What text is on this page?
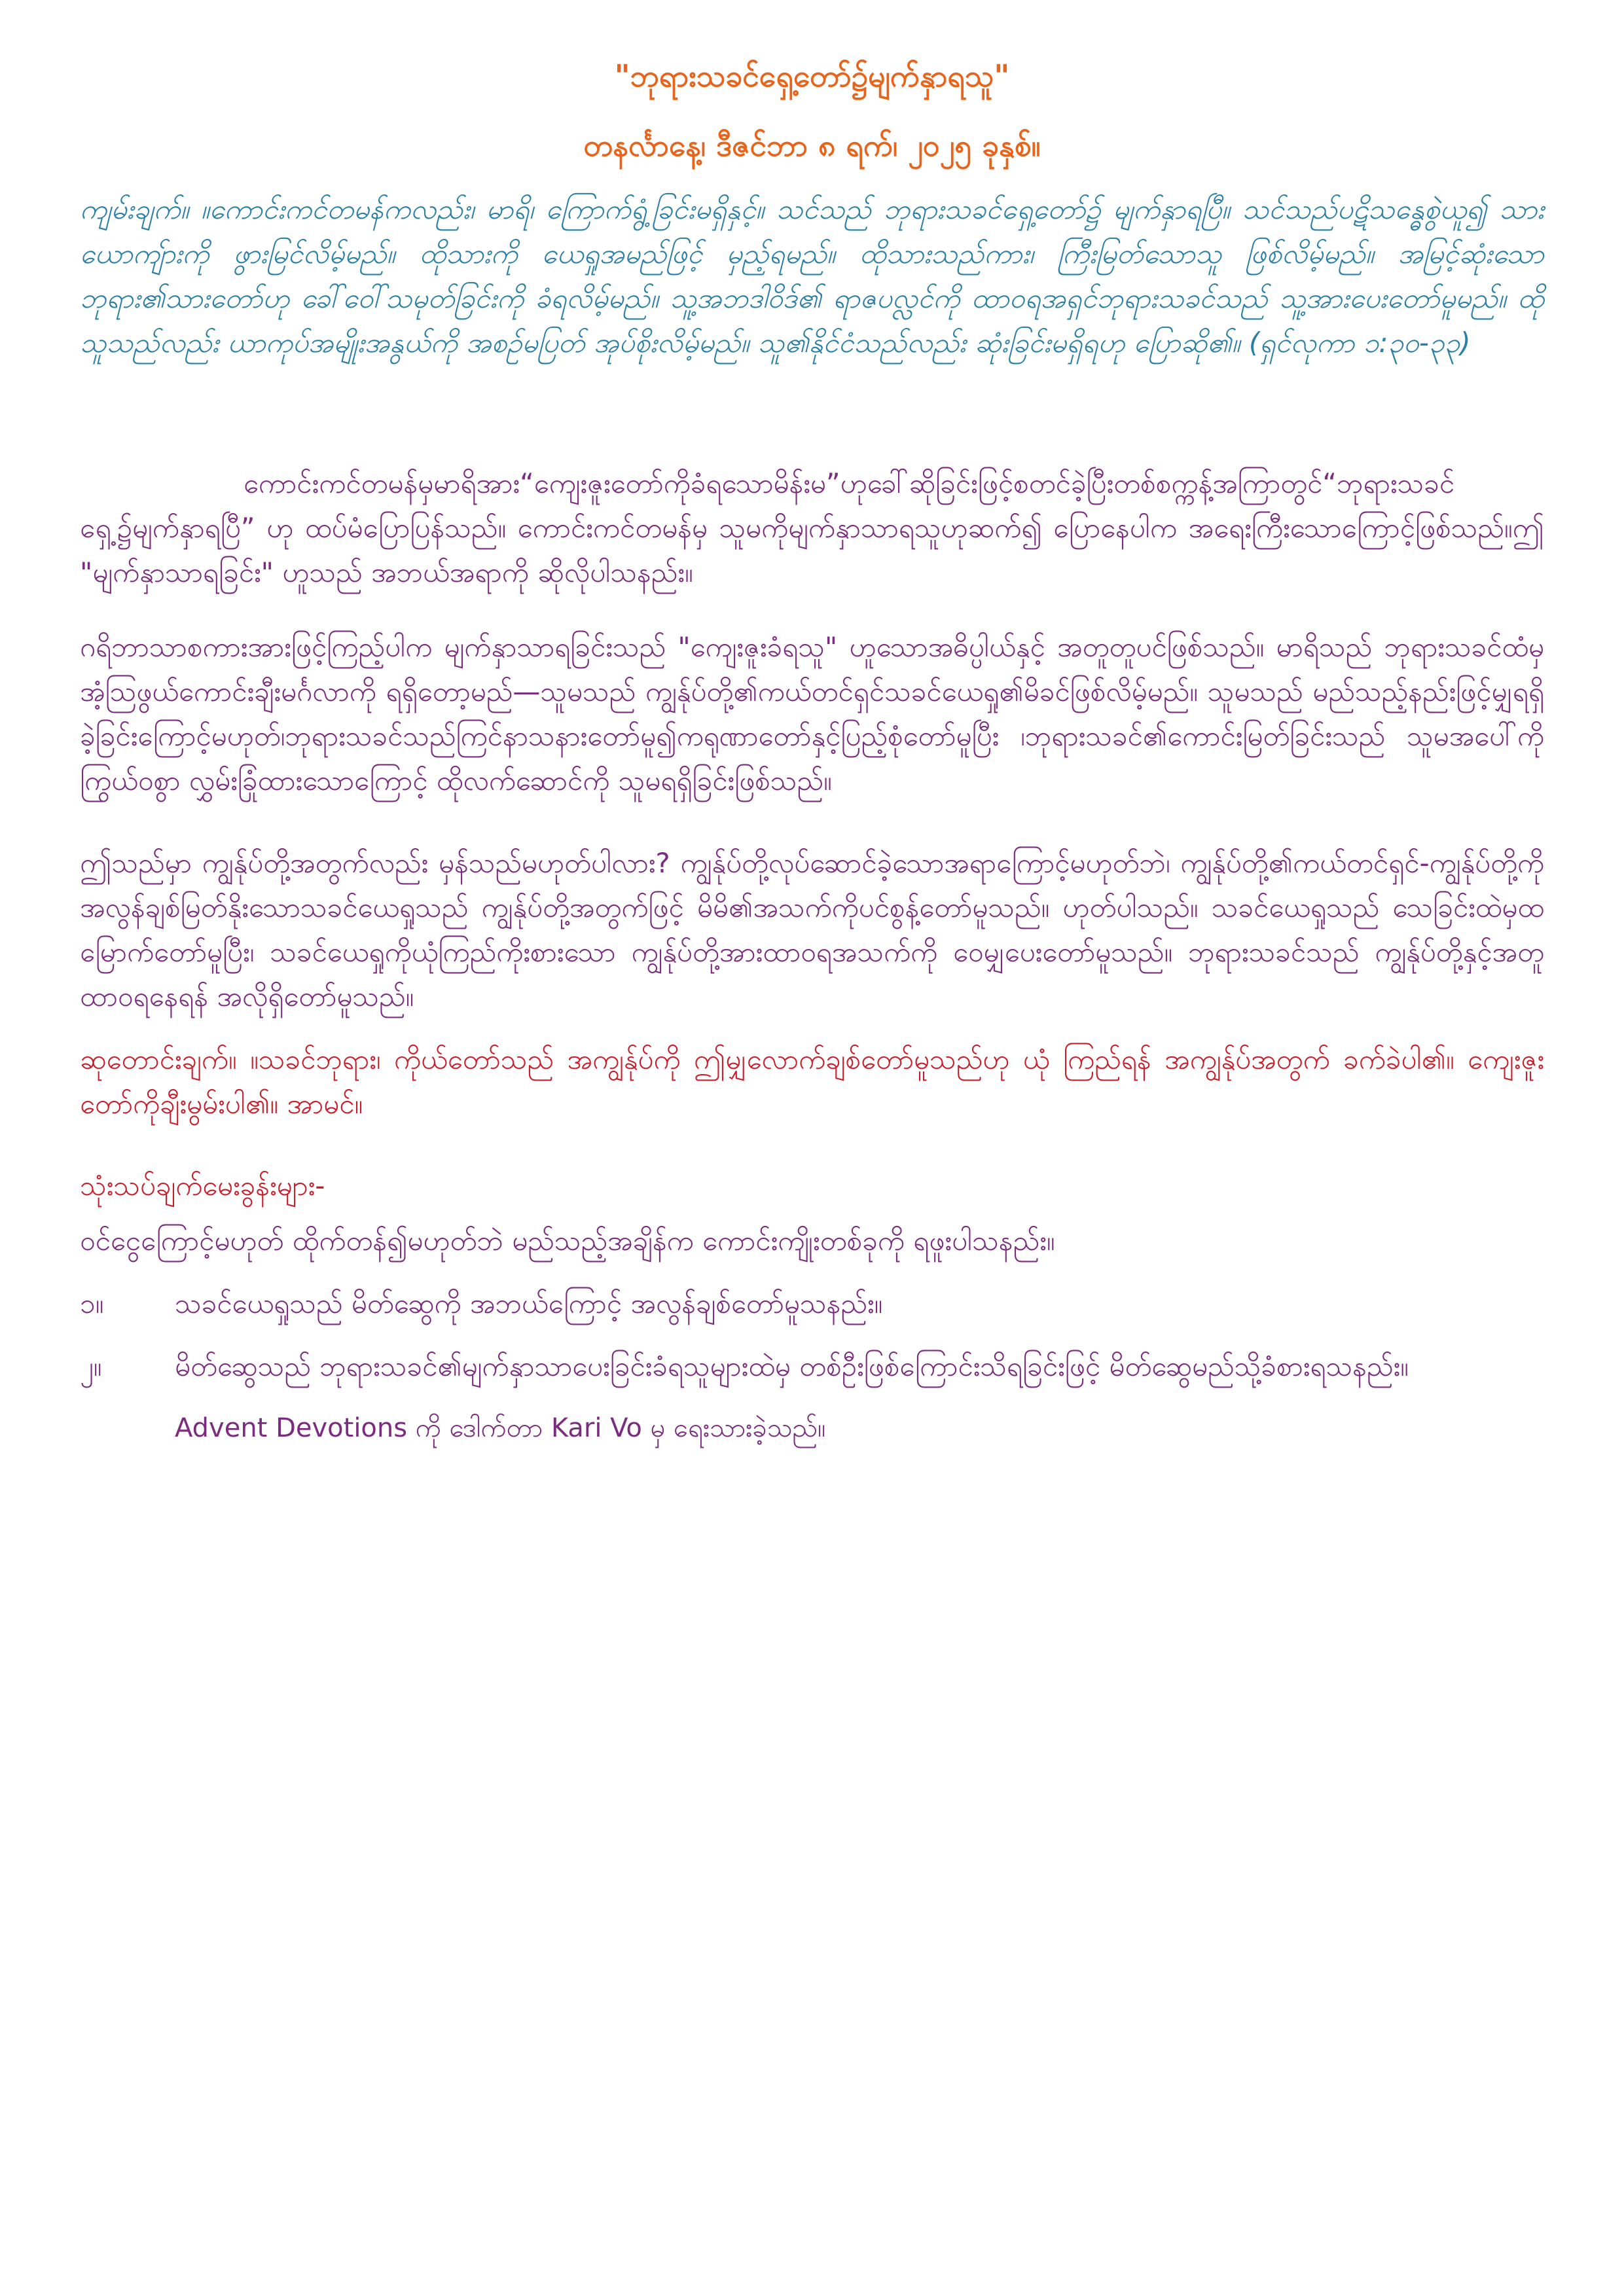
"ဘုရားသခင်ရှေ့တော်၌မျက်နှာရသူ"

တနင်္လာနေ့၊ ဒီဇင်ဘာ ၈ ရက်၊ ၂၀၂၅ ခုနှစ်။

ကျမ်းချက်။ ။ကောင်းကင်တမန်ကလည်း၊ မာရိ၊ ကြောက်ရွံ့ခြင်းမရှိနှင့်။ သင်သည် ဘုရားသခင်ရှေ့တော်၌ မျက်နှာရပြီ။ သင်သည်ပဋိသန္ဓေစွဲယူ၍ သားယောကျ်ားကို ဖွားမြင်လိမ့်မည်။ ထိုသားကို ယေရှုအမည်ဖြင့် မှည့်ရမည်။ ထိုသားသည်ကား၊ ကြီးမြတ်သောသူ ဖြစ်လိမ့်မည်။ အမြင့်ဆုံးသော ဘုရား၏သားတော်ဟု ခေါ်ဝေါ်သမုတ်ခြင်းကို ခံရလိမ့်မည်။ သူ့အဘဒါဝိဒ်၏ ရာဇပလ္လင်ကို ထာဝရအရှင်ဘုရားသခင်သည် သူ့အားပေးတော်မူမည်။ ထိုသူသည်လည်း ယာကုပ်အမျိုးအနွယ်ကို အစဉ်မပြတ် အုပ်စိုးလိမ့်မည်။ သူ၏နိုင်ငံသည်လည်း ဆုံးခြင်းမရှိရဟု ပြောဆို၏။ (ရှင်လုကာ ၁:၃၀-၃၃)

ကောင်းကင်တမန်မှမာရိအား“ကျေးဇူးတော်ကိုခံရသောမိန်းမ”ဟုခေါ်ဆိုခြင်းဖြင့်စတင်ခဲ့ပြီးတစ်စက္ကန့်အကြာတွင်“ဘုရားသခင်ရှေ့၌မျက်နှာရပြီ” ဟု ထပ်မံပြောပြန်သည်။ ကောင်းကင်တမန်မှ သူမကိုမျက်နှာသာရသူဟုဆက်၍ ပြောနေပါက အရေးကြီးသောကြောင့်ဖြစ်သည်။ဤ "မျက်နှာသာရခြင်း" ဟူသည် အဘယ်အရာကို ဆိုလိုပါသနည်း။

ဂရိဘာသာစကားအားဖြင့်ကြည့်ပါက မျက်နှာသာရခြင်းသည် "ကျေးဇူးခံရသူ" ဟူသောအဓိပ္ပါယ်နှင့် အတူတူပင်ဖြစ်သည်။ မာရိသည် ဘုရားသခင်ထံမှ အံ့သြဖွယ်ကောင်းချီးမင်္ဂလာကို ရရှိတော့မည်—သူမသည် ကျွန်ုပ်တို့၏ကယ်တင်ရှင်သခင်ယေရှု၏မိခင်ဖြစ်လိမ့်မည်။ သူမသည် မည်သည့်နည်းဖြင့်မျှရရှိခဲ့ခြင်းကြောင့်မဟုတ်၊ဘုရားသခင်သည်ကြင်နာသနားတော်မူ၍ကရုဏာတော်နှင့်ပြည့်စုံတော်မူပြီး ၊ဘုရားသခင်၏ကောင်းမြတ်ခြင်းသည် သူမအပေါ်ကို ကြွယ်ဝစွာ လွှမ်းခြုံထားသောကြောင့် ထိုလက်ဆောင်ကို သူမရရှိခြင်းဖြစ်သည်။

ဤသည်မှာ ကျွန်ုပ်တို့အတွက်လည်း မှန်သည်မဟုတ်ပါလား? ကျွန်ုပ်တို့လုပ်ဆောင်ခဲ့သောအရာကြောင့်မဟုတ်ဘဲ၊ ကျွန်ုပ်တို့၏ကယ်တင်ရှင်-ကျွန်ုပ်တို့ကို အလွန်ချစ်မြတ်နိုးသောသခင်ယေရှုသည် ကျွန်ုပ်တို့အတွက်ဖြင့် မိမိ၏အသက်ကိုပင်စွန့်တော်မူသည်။ ဟုတ်ပါသည်။ သခင်ယေရှုသည် သေခြင်းထဲမှထ မြောက်တော်မူပြီး၊ သခင်ယေရှုကိုယုံကြည်ကိုးစားသော ကျွန်ုပ်တို့အားထာဝရအသက်ကို ဝေမျှပေးတော်မူသည်။ ဘုရားသခင်သည် ကျွန်ုပ်တို့နှင့်အတူ ထာဝရနေရန် အလိုရှိတော်မူသည်။

ဆုတောင်းချက်။ ။သခင်ဘုရား၊ ကိုယ်တော်သည် အကျွန်ုပ်ကို ဤမျှလောက်ချစ်တော်မူသည်ဟု ယုံ ကြည်ရန် အကျွန်ုပ်အတွက် ခက်ခဲပါ၏။ ကျေးဇူး တော်ကိုချီးမွမ်းပါ၏။ အာမင်။

သုံးသပ်ချက်မေးခွန်းများ-

ဝင်ငွေကြောင့်မဟုတ် ထိုက်တန်၍မဟုတ်ဘဲ မည်သည့်အချိန်က ကောင်းကျိုးတစ်ခုကို ရဖူးပါသနည်း။

၁။	သခင်ယေရှုသည် မိတ်ဆွေကို အဘယ်ကြောင့် အလွန်ချစ်တော်မူသနည်း။
၂။	မိတ်ဆွေသည် ဘုရားသခင်၏မျက်နှာသာပေးခြင်းခံရသူများထဲမှ တစ်ဦးဖြစ်ကြောင်းသိရခြင်းဖြင့် မိတ်ဆွေမည်သို့ခံစားရသနည်း။

Advent Devotions ကို ဒေါက်တာ Kari Vo မှ ရေးသားခဲ့သည်။
